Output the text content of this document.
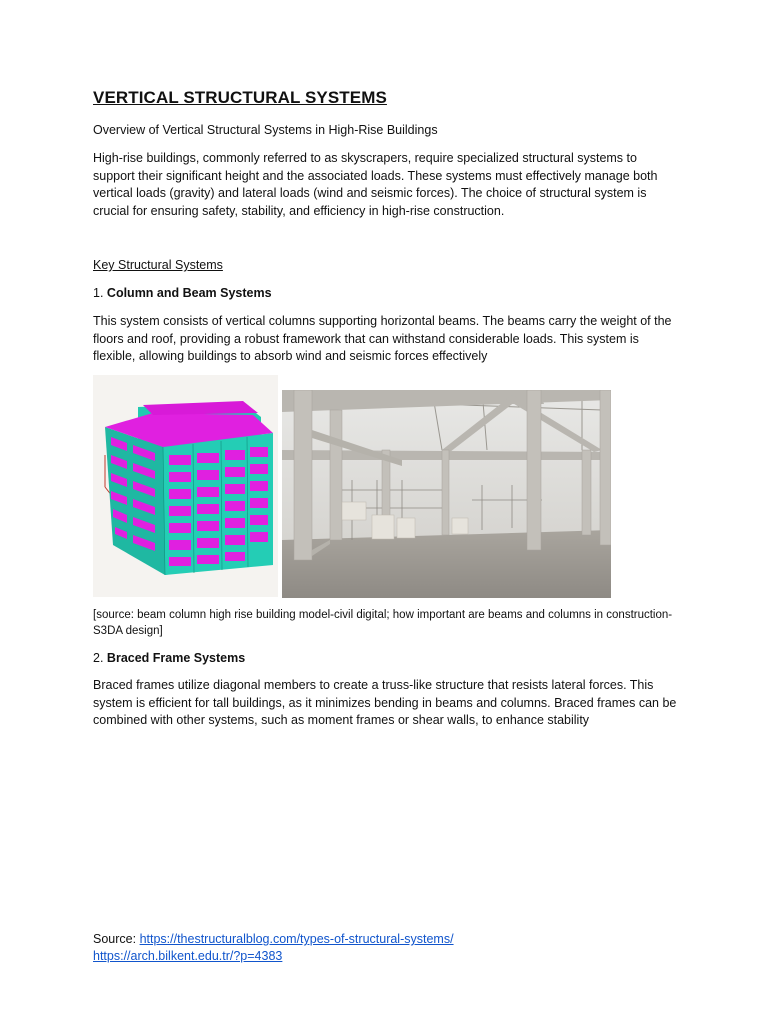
VERTICAL STRUCTURAL SYSTEMS
Overview of Vertical Structural Systems in High-Rise Buildings
High-rise buildings, commonly referred to as skyscrapers, require specialized structural systems to support their significant height and the associated loads. These systems must effectively manage both vertical loads (gravity) and lateral loads (wind and seismic forces). The choice of structural system is crucial for ensuring safety, stability, and efficiency in high-rise construction.
Key Structural Systems
1. Column and Beam Systems
This system consists of vertical columns supporting horizontal beams. The beams carry the weight of the floors and roof, providing a robust framework that can withstand considerable loads. This system is flexible, allowing buildings to absorb wind and seismic forces effectively
[source: beam column high rise building model-civil digital; how important are beams and columns in construction-S3DA design]
2. Braced Frame Systems
Braced frames utilize diagonal members to create a truss-like structure that resists lateral forces. This system is efficient for tall buildings, as it minimizes bending in beams and columns. Braced frames can be combined with other systems, such as moment frames or shear walls, to enhance stability
Source: https://thestructuralblog.com/types-of-structural-systems/
https://arch.bilkent.edu.tr/?p=4383
